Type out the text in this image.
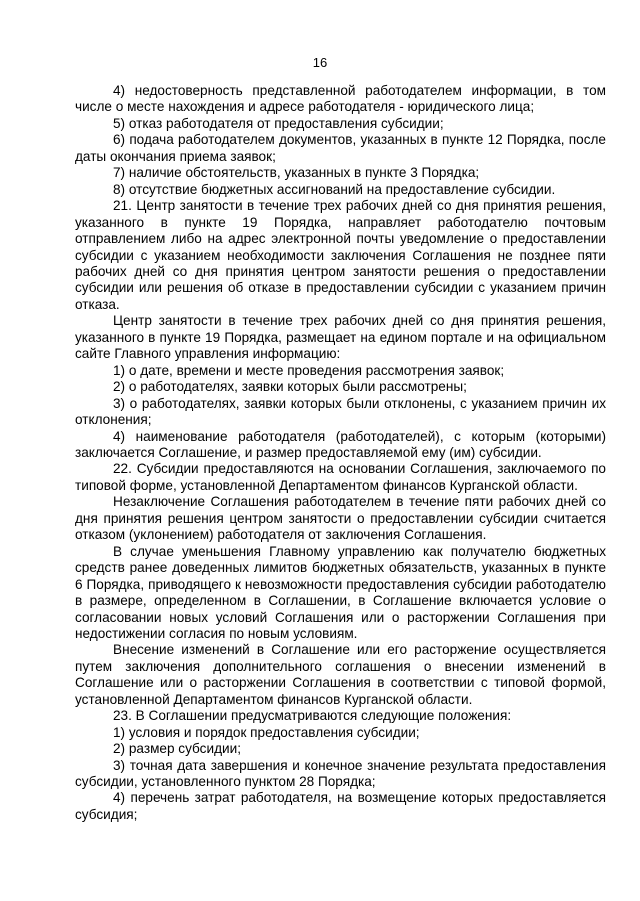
16

4) недостоверность представленной работодателем информации, в том числе о месте нахождения и адресе работодателя - юридического лица;

5) отказ работодателя от предоставления субсидии;

6) подача работодателем документов, указанных в пункте 12 Порядка, после даты окончания приема заявок;

7) наличие обстоятельств, указанных в пункте 3 Порядка;

8) отсутствие бюджетных ассигнований на предоставление субсидии.

21. Центр занятости в течение трех рабочих дней со дня принятия решения, указанного в пункте 19 Порядка, направляет работодателю почтовым отправлением либо на адрес электронной почты уведомление о предоставлении субсидии с указанием необходимости заключения Соглашения не позднее пяти рабочих дней со дня принятия центром занятости решения о предоставлении субсидии или решения об отказе в предоставлении субсидии с указанием причин отказа.

Центр занятости в течение трех рабочих дней со дня принятия решения, указанного в пункте 19 Порядка, размещает на едином портале и на официальном сайте Главного управления информацию:

1) о дате, времени и месте проведения рассмотрения заявок;

2) о работодателях, заявки которых были рассмотрены;

3) о работодателях, заявки которых были отклонены, с указанием причин их отклонения;

4) наименование работодателя (работодателей), с которым (которыми) заключается Соглашение, и размер предоставляемой ему (им) субсидии.

22. Субсидии предоставляются на основании Соглашения, заключаемого по типовой форме, установленной Департаментом финансов Курганской области.

Незаключение Соглашения работодателем в течение пяти рабочих дней со дня принятия решения центром занятости о предоставлении субсидии считается отказом (уклонением) работодателя от заключения Соглашения.

В случае уменьшения Главному управлению как получателю бюджетных средств ранее доведенных лимитов бюджетных обязательств, указанных в пункте 6 Порядка, приводящего к невозможности предоставления субсидии работодателю в размере, определенном в Соглашении, в Соглашение включается условие о согласовании новых условий Соглашения или о расторжении Соглашения при недостижении согласия по новым условиям.

Внесение изменений в Соглашение или его расторжение осуществляется путем заключения дополнительного соглашения о внесении изменений в Соглашение или о расторжении Соглашения в соответствии с типовой формой, установленной Департаментом финансов Курганской области.

23. В Соглашении предусматриваются следующие положения:

1) условия и порядок предоставления субсидии;

2) размер субсидии;

3) точная дата завершения и конечное значение результата предоставления субсидии, установленного пунктом 28 Порядка;

4) перечень затрат работодателя, на возмещение которых предоставляется субсидия;
